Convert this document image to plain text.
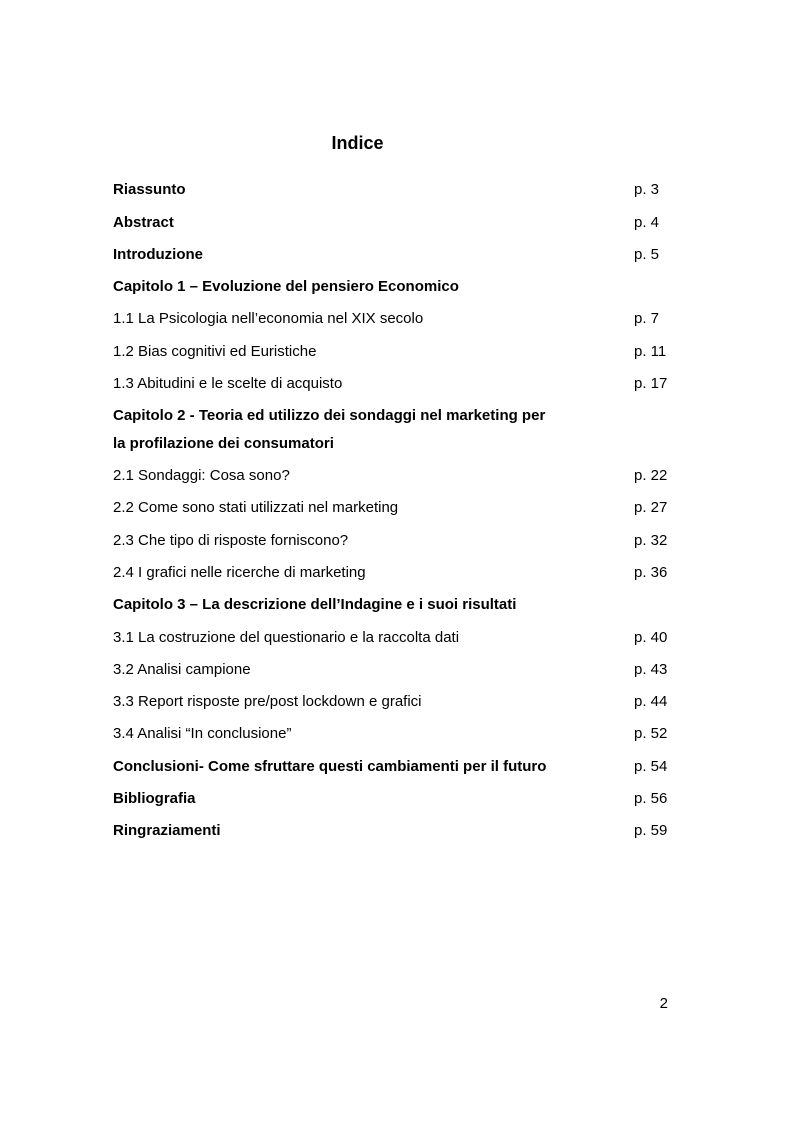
Indice
Riassunto	p. 3
Abstract	p. 4
Introduzione	p. 5
Capitolo 1 – Evoluzione del pensiero Economico
1.1 La Psicologia nell’economia nel XIX secolo	p. 7
1.2 Bias cognitivi ed Euristiche	p. 11
1.3 Abitudini e le scelte di acquisto	p. 17
Capitolo 2 - Teoria ed utilizzo dei sondaggi nel marketing per
la profilazione dei consumatori
2.1 Sondaggi: Cosa sono?	p. 22
2.2 Come sono stati utilizzati nel marketing	p. 27
2.3 Che tipo di risposte forniscono?	p. 32
2.4 I grafici nelle ricerche di marketing	p. 36
Capitolo 3 – La descrizione dell’Indagine e i suoi risultati
3.1 La costruzione del questionario e la raccolta dati	p. 40
3.2 Analisi campione	p. 43
3.3 Report risposte pre/post lockdown e grafici	p. 44
3.4 Analisi “In conclusione”	p. 52
Conclusioni- Come sfruttare questi cambiamenti per il futuro	p. 54
Bibliografia	p. 56
Ringraziamenti	p. 59
2
